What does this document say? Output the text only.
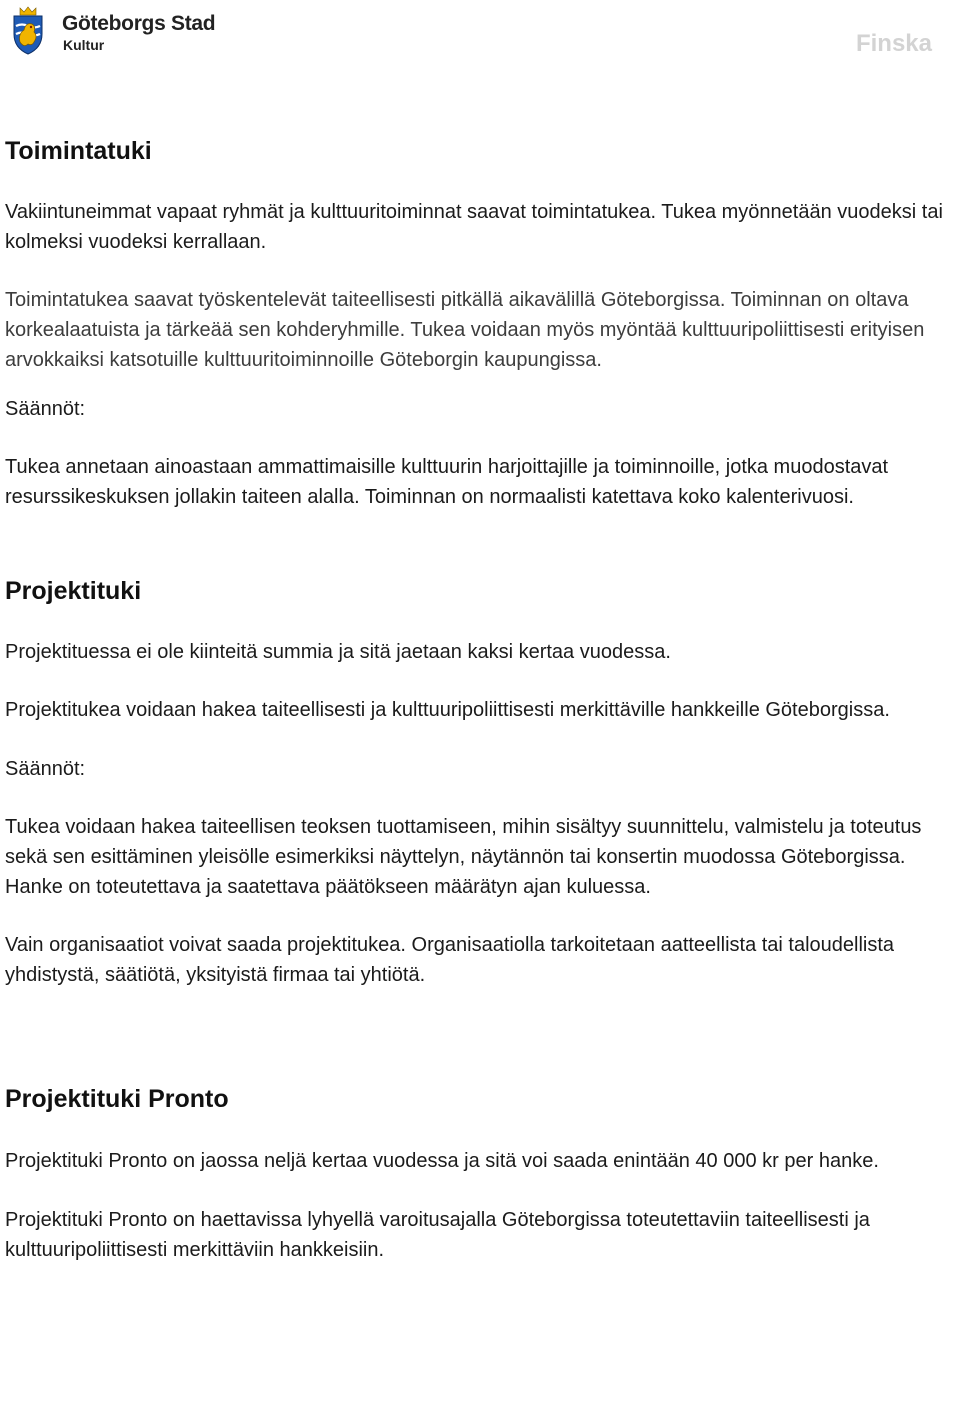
Göteborgs Stad
Kultur	Finska
Toimintatuki

Vakiintuneimmat vapaat ryhmät ja kulttuuritoiminnat saavat toimintatukea. Tukea myönnetään vuodeksi tai kolmeksi vuodeksi kerrallaan.

Toimintatukea saavat työskentelevät taiteellisesti pitkällä aikavälillä Göteborgissa. Toiminnan on oltava korkealaatuista ja tärkeää sen kohderyhmille. Tukea voidaan myös myöntää kulttuuripoliittisesti erityisen arvokkaiksi katsotuille kulttuuritoiminnoille Göteborgin kaupungissa.

Säännöt:

Tukea annetaan ainoastaan ammattimaisille kulttuurin harjoittajille ja toiminnoille, jotka muodostavat resurssikeskuksen jollakin taiteen alalla. Toiminnan on normaalisti katettava koko kalenterivuosi.

Projektituki

Projektituessa ei ole kiinteitä summia ja sitä jaetaan kaksi kertaa vuodessa.

Projektitukea voidaan hakea taiteellisesti ja kulttuuripoliittisesti merkittäville hankkeille Göteborgissa.

Säännöt:

Tukea voidaan hakea taiteellisen teoksen tuottamiseen, mihin sisältyy suunnittelu, valmistelu ja toteutus sekä sen esittäminen yleisölle esimerkiksi näyttelyn, näytännön tai konsertin muodossa Göteborgissa. Hanke on toteutettava ja saatettava päätökseen määrätyn ajan kuluessa.

Vain organisaatiot voivat saada projektitukea. Organisaatiolla tarkoitetaan aatteellista tai taloudellista yhdistystä, säätiötä, yksityistä firmaa tai yhtiötä.

Projektituki Pronto

Projektituki Pronto on jaossa neljä kertaa vuodessa ja sitä voi saada enintään 40 000 kr per hanke.

Projektituki Pronto on haettavissa lyhyellä varoitusajalla Göteborgissa toteutettaviin taiteellisesti ja kulttuuripoliittisesti merkittäviin hankkeisiin.
